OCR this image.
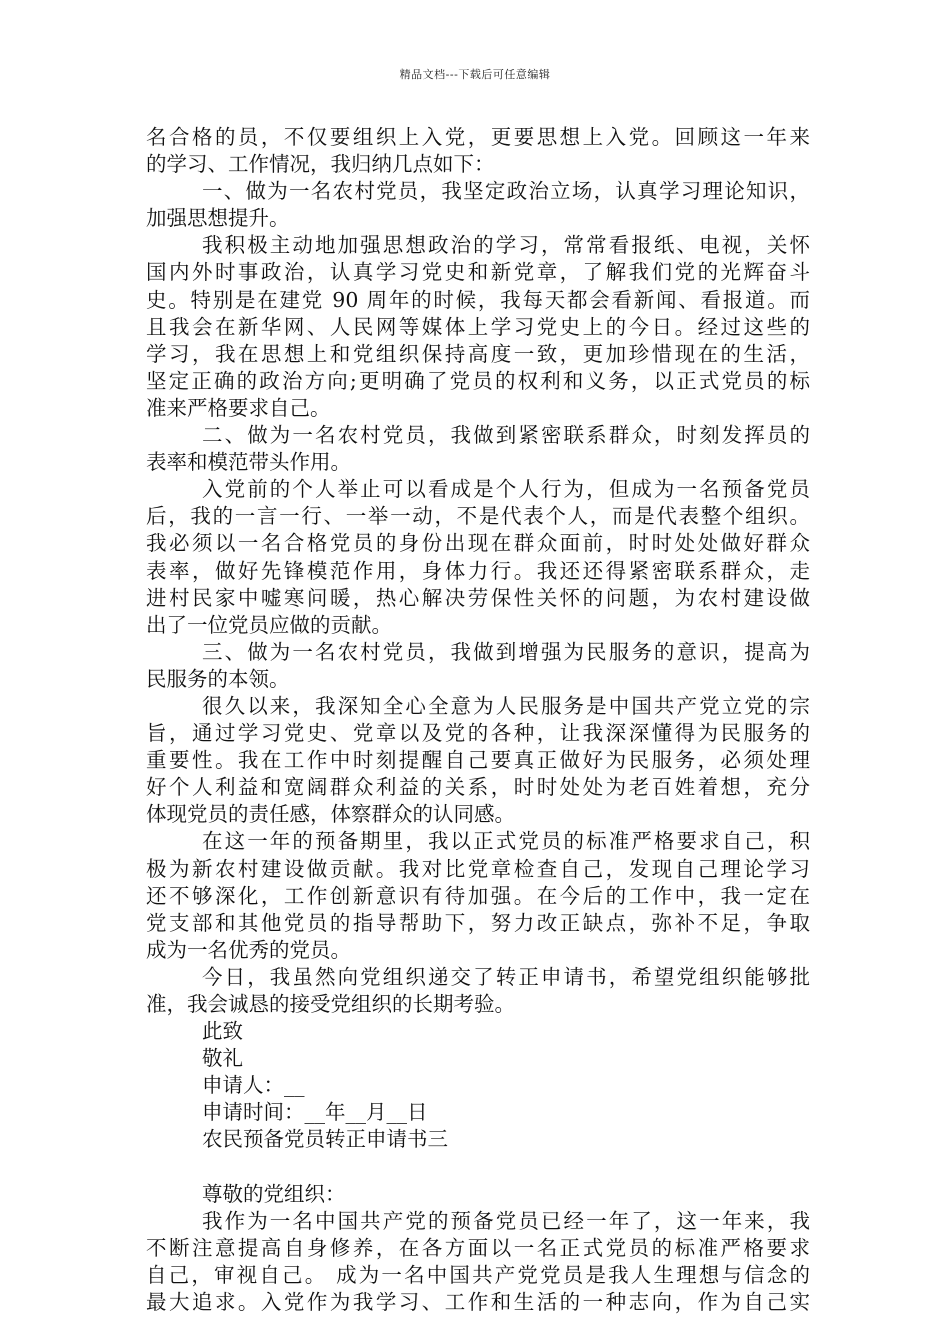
精品文档---下载后可任意编辑
名合格的员，不仅要组织上入党，更要思想上入党。回顾这一年来
的学习、工作情况，我归纳几点如下：
一、做为一名农村党员，我坚定政治立场，认真学习理论知识，
加强思想提升。
我积极主动地加强思想政治的学习，常常看报纸、电视，关怀
国内外时事政治，认真学习党史和新党章，了解我们党的光辉奋斗
史。特别是在建党 90 周年的时候，我每天都会看新闻、看报道。而
且我会在新华网、人民网等媒体上学习党史上的今日。经过这些的
学习，我在思想上和党组织保持高度一致，更加珍惜现在的生活，
坚定正确的政治方向;更明确了党员的权利和义务，以正式党员的标
准来严格要求自己。
二、做为一名农村党员，我做到紧密联系群众，时刻发挥员的
表率和模范带头作用。
入党前的个人举止可以看成是个人行为，但成为一名预备党员
后，我的一言一行、一举一动，不是代表个人，而是代表整个组织。
我必须以一名合格党员的身份出现在群众面前，时时处处做好群众
表率，做好先锋模范作用，身体力行。我还还得紧密联系群众，走
进村民家中嘘寒问暖，热心解决劳保性关怀的问题，为农村建设做
出了一位党员应做的贡献。
三、做为一名农村党员，我做到增强为民服务的意识，提高为
民服务的本领。
很久以来，我深知全心全意为人民服务是中国共产党立党的宗
旨，通过学习党史、党章以及党的各种，让我深深懂得为民服务的
重要性。我在工作中时刻提醒自己要真正做好为民服务，必须处理
好个人利益和宽阔群众利益的关系，时时处处为老百姓着想，充分
体现党员的责任感，体察群众的认同感。
在这一年的预备期里，我以正式党员的标准严格要求自己，积
极为新农村建设做贡献。我对比党章检查自己，发现自己理论学习
还不够深化，工作创新意识有待加强。在今后的工作中，我一定在
党支部和其他党员的指导帮助下，努力改正缺点，弥补不足，争取
成为一名优秀的党员。
今日，我虽然向党组织递交了转正申请书，希望党组织能够批
准，我会诚恳的接受党组织的长期考验。
此致
敬礼
申请人：__
申请时间：__年__月__日
农民预备党员转正申请书三
尊敬的党组织：
我作为一名中国共产党的预备党员已经一年了，这一年来，我
不断注意提高自身修养，在各方面以一名正式党员的标准严格要求
自己，审视自己。 成为一名中国共产党党员是我人生理想与信念的
最大追求。入党作为我学习、工作和生活的一种志向，作为自己实
